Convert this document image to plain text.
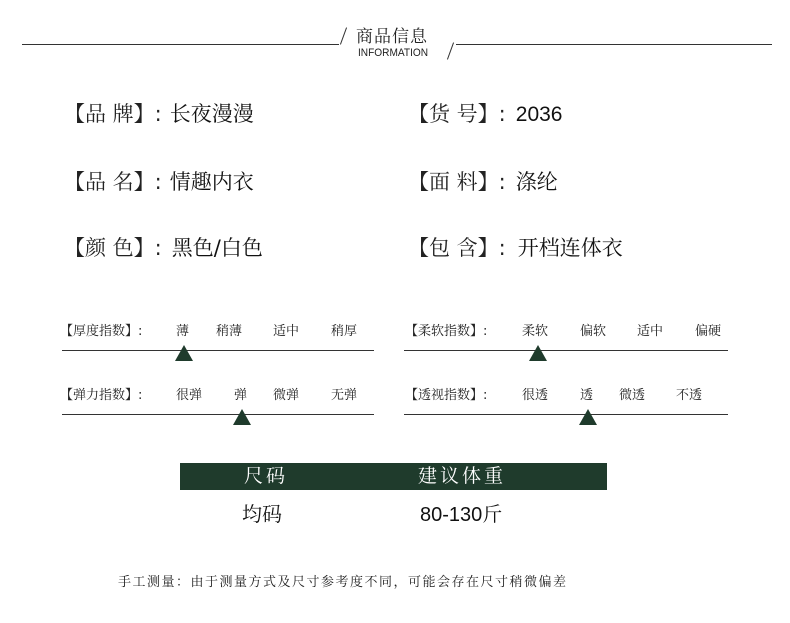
商品信息
INFORMATION
【品 牌】: 长夜漫漫	【货 号】: 2036
【品 名】: 情趣内衣	【面 料】: 涤纶
【颜 色】: 黑色/白色	【包 含】: 开档连体衣
【厚度指数】:	薄 稍薄 适中 稍厚	【柔软指数】:	柔软 偏软 适中 偏硬
【弹力指数】:	很弹 弹 微弹 无弹	【透视指数】:	很透 透 微透 不透
尺码	建议体重
均码	80-130斤
手工测量：由于测量方式及尺寸参考度不同，可能会存在尺寸稍微偏差
